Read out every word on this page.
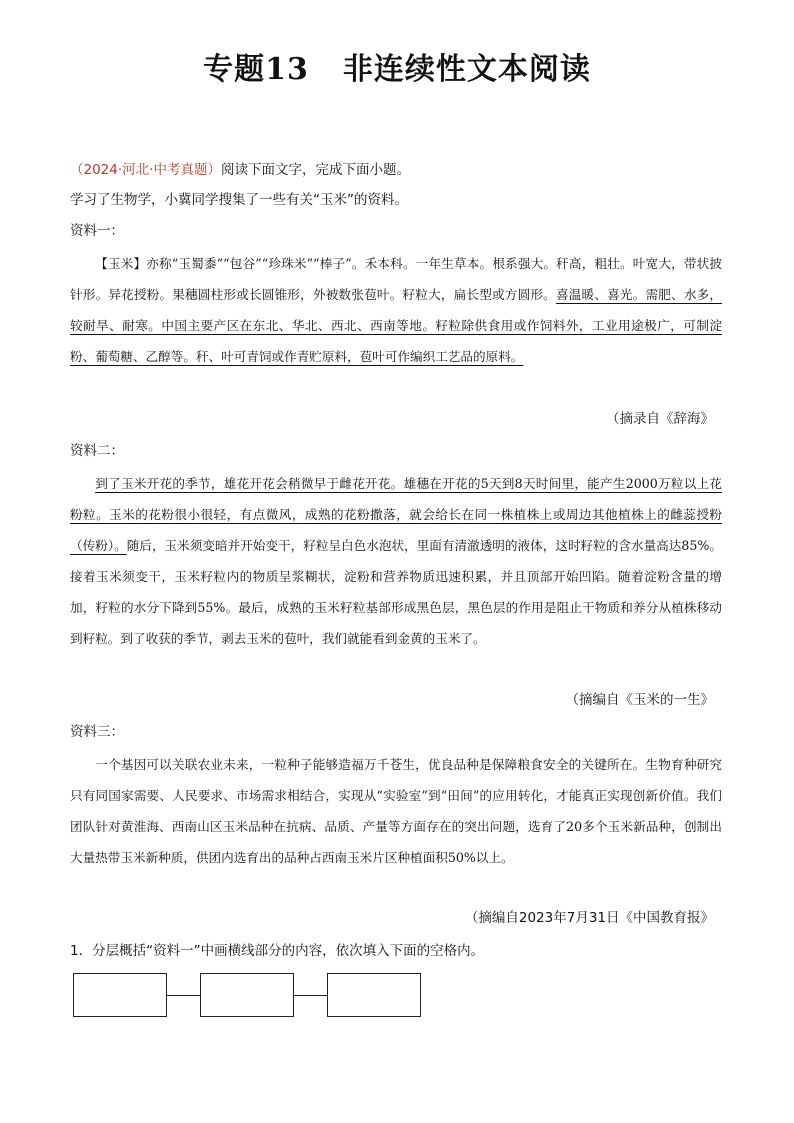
专题13 非连续性文本阅读
（2024·河北·中考真题）阅读下面文字，完成下面小题。
学习了生物学，小冀同学搜集了一些有关“玉米”的资料。
资料一：

【玉米】亦称“玉蜀黍”“包谷”“珍珠米”“棒子”。禾本科。一年生草本。根系强大。秆高，粗壮。叶宽大，带状披针形。异花授粉。果穗圆柱形或长圆锥形，外被数张苞叶。籽粒大，扁长型或方圆形。喜温暖、喜光。需肥、水多，较耐旱、耐寒。中国主要产区在东北、华北、西北、西南等地。籽粒除供食用或作饲料外，工业用途极广，可制淀粉、葡萄糖、乙醇等。秆、叶可青饲或作青贮原料，苞叶可作编织工艺品的原料。

（摘录自《辞海》
资料二：

到了玉米开花的季节，雄花开花会稍微早于雌花开花。雄穗在开花的5天到8天时间里，能产生2000万粒以上花粉粒。玉米的花粉很小很轻，有点微风，成熟的花粉撒落，就会给长在同一株植株上或周边其他植株上的雌蕊授粉（传粉）。随后，玉米须变暗并开始变干，籽粒呈白色水泡状，里面有清澈透明的液体，这时籽粒的含水量高达85%。接着玉米须变干，玉米籽粒内的物质呈浆糊状，淀粉和营养物质迅速积累，并且顶部开始凹陷。随着淀粉含量的增加，籽粒的水分下降到55%。最后，成熟的玉米籽粒基部形成黑色层，黑色层的作用是阻止干物质和养分从植株移动到籽粒。到了收获的季节，剥去玉米的苞叶，我们就能看到金黄的玉米了。

（摘编自《玉米的一生》
资料三：

一个基因可以关联农业未来，一粒种子能够造福万千苍生，优良品种是保障粮食安全的关键所在。生物育种研究只有同国家需要、人民要求、市场需求相结合，实现从“实验室”到“田间”的应用转化，才能真正实现创新价值。我们团队针对黄淮海、西南山区玉米品种在抗病、品质、产量等方面存在的突出问题，选育了20多个玉米新品种，创制出大量热带玉米新种质，供团内选育出的品种占西南玉米片区种植面积50%以上。

（摘编自2023年7月31日《中国教育报》
1．分层概括“资料一”中画横线部分的内容，依次填入下面的空格内。
